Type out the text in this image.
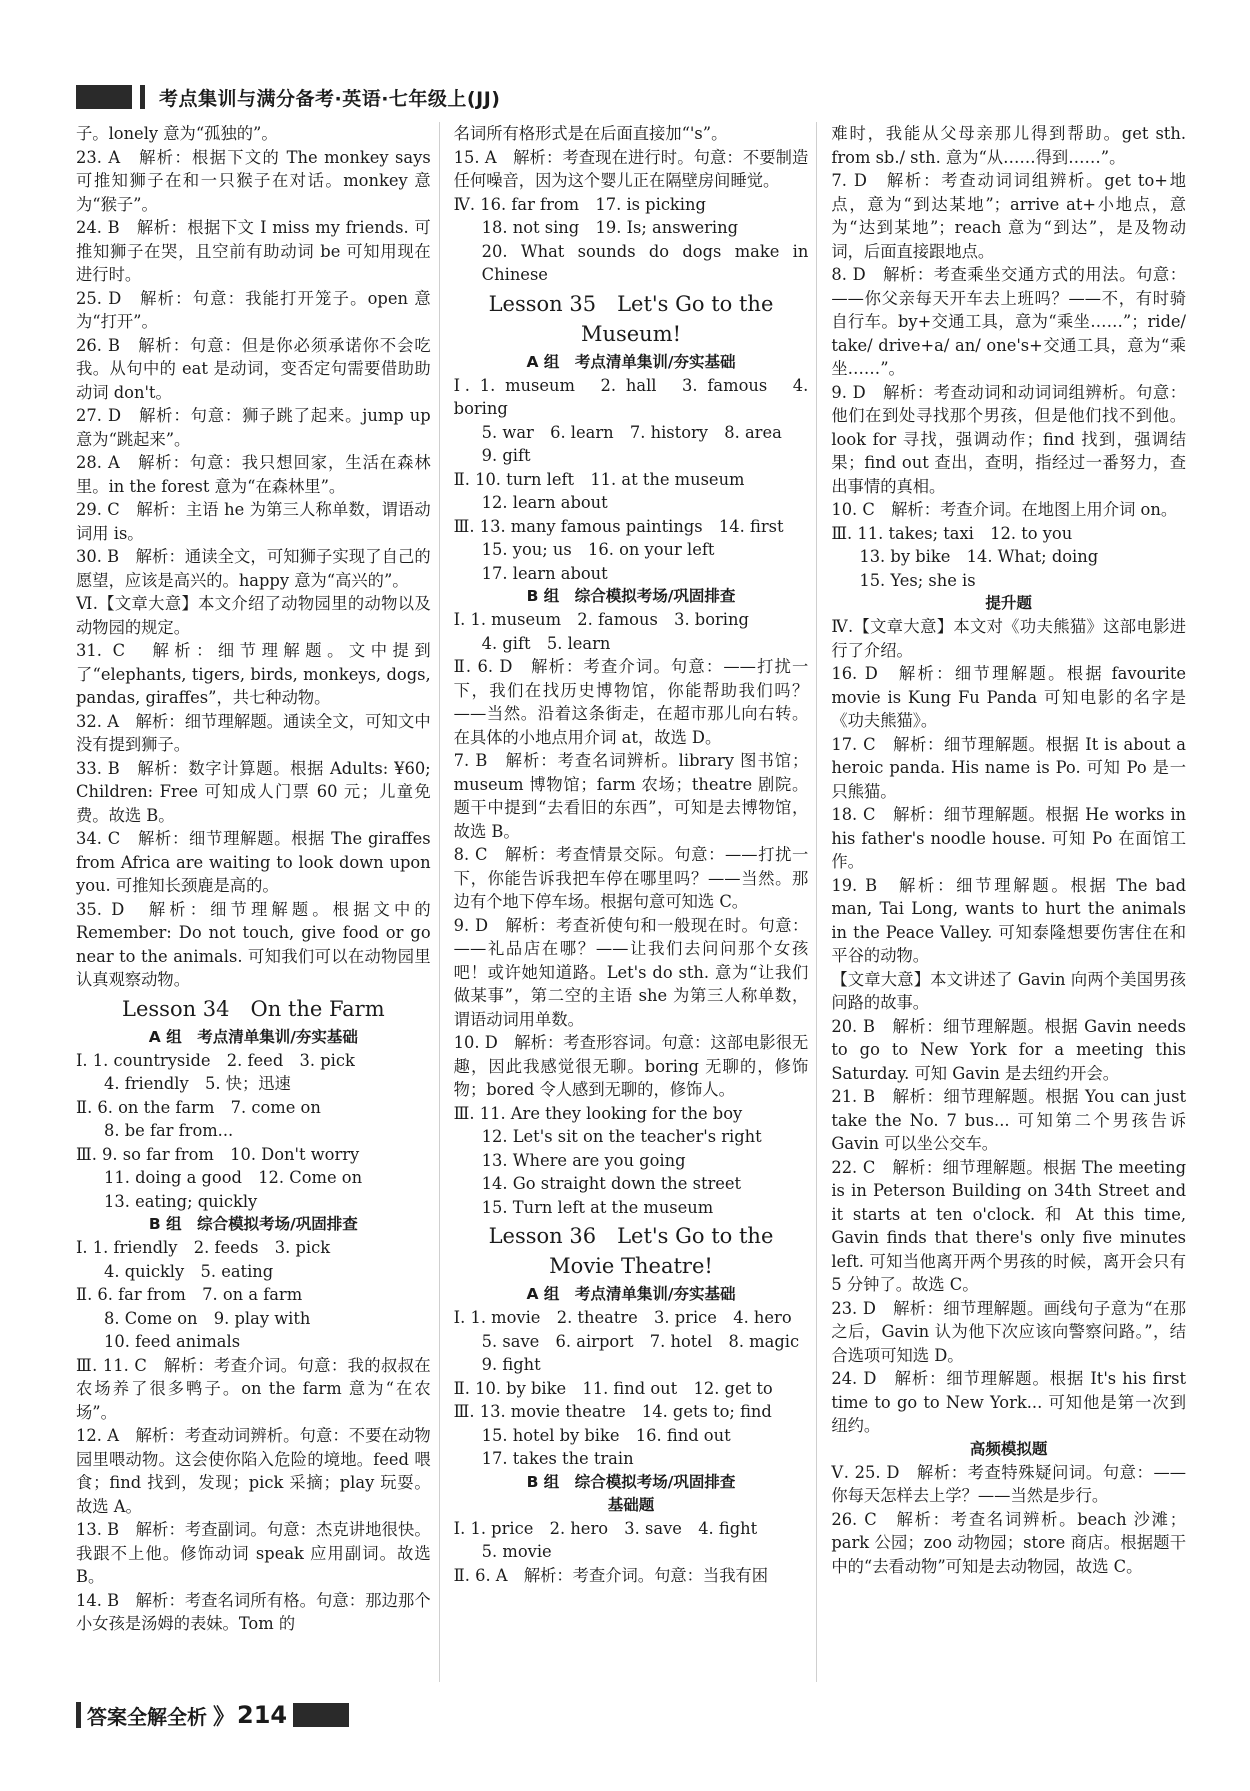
考点集训与满分备考·英语·七年级上(JJ)
子。lonely 意为“孤独的”。
23. A　解析：根据下文的 The monkey says 可推知狮子在和一只猴子在对话。monkey 意为“猴子”。
24. B　解析：根据下文 I miss my friends. 可推知狮子在哭，且空前有助动词 be 可知用现在进行时。
25. D　解析：句意：我能打开笼子。open 意为“打开”。
26. B　解析：句意：但是你必须承诺你不会吃我。从句中的 eat 是动词，变否定句需要借助助动词 don't。
27. D　解析：句意：狮子跳了起来。jump up 意为“跳起来”。
28. A　解析：句意：我只想回家，生活在森林里。in the forest 意为“在森林里”。
29. C　解析：主语 he 为第三人称单数，谓语动词用 is。
30. B　解析：通读全文，可知狮子实现了自己的愿望，应该是高兴的。happy 意为“高兴的”。
Ⅵ.【文章大意】本文介绍了动物园里的动物以及动物园的规定。
31. C　解析：细节理解题。文中提到了“elephants, tigers, birds, monkeys, dogs, pandas, giraffes”，共七种动物。
32. A　解析：细节理解题。通读全文，可知文中没有提到狮子。
33. B　解析：数字计算题。根据 Adults: ¥60; Children: Free 可知成人门票 60 元；儿童免费。故选 B。
34. C　解析：细节理解题。根据 The giraffes from Africa are waiting to look down upon you. 可推知长颈鹿是高的。
35. D　解析：细节理解题。根据文中的 Remember: Do not touch, give food or go near to the animals. 可知我们可以在动物园里认真观察动物。
Lesson 34　On the Farm
A 组　考点清单集训/夯实基础
Ⅰ. 1. countryside　2. feed　3. pick
4. friendly　5. 快；迅速
Ⅱ. 6. on the farm　7. come on
8. be far from...
Ⅲ. 9. so far from　10. Don't worry
11. doing a good　12. Come on
13. eating; quickly
B 组　综合模拟考场/巩固排查
Ⅰ. 1. friendly　2. feeds　3. pick
4. quickly　5. eating
Ⅱ. 6. far from　7. on a farm
8. Come on　9. play with
10. feed animals
Ⅲ. 11. C　解析：考查介词。句意：我的叔叔在农场养了很多鸭子。on the farm 意为“在农场”。
12. A　解析：考查动词辨析。句意：不要在动物园里喂动物。这会使你陷入危险的境地。feed 喂食；find 找到，发现；pick 采摘；play 玩耍。故选 A。
13. B　解析：考查副词。句意：杰克讲地很快。我跟不上他。修饰动词 speak 应用副词。故选 B。
14. B　解析：考查名词所有格。句意：那边那个小女孩是汤姆的表妹。Tom 的
名词所有格形式是在后面直接加“'s”。
15. A　解析：考查现在进行时。句意：不要制造任何噪音，因为这个婴儿正在隔壁房间睡觉。
Ⅳ. 16. far from　17. is picking
18. not sing　19. Is; answering
20. What sounds do dogs make in Chinese
Lesson 35　Let's Go to the Museum!
A 组　考点清单集训/夯实基础
Ⅰ. 1. museum　2. hall　3. famous　4. boring
5. war　6. learn　7. history　8. area
9. gift
Ⅱ. 10. turn left　11. at the museum
12. learn about
Ⅲ. 13. many famous paintings　14. first
15. you; us　16. on your left
17. learn about
B 组　综合模拟考场/巩固排查
Ⅰ. 1. museum　2. famous　3. boring
4. gift　5. learn
Ⅱ. 6. D　解析：考查介词。句意：——打扰一下，我们在找历史博物馆，你能帮助我们吗？——当然。沿着这条街走，在超市那儿向右转。在具体的小地点用介词 at，故选 D。
7. B　解析：考查名词辨析。library 图书馆；museum 博物馆；farm 农场；theatre 剧院。题干中提到“去看旧的东西”，可知是去博物馆，故选 B。
8. C　解析：考查情景交际。句意：——打扰一下，你能告诉我把车停在哪里吗？——当然。那边有个地下停车场。根据句意可知选 C。
9. D　解析：考查祈使句和一般现在时。句意：——礼品店在哪？——让我们去问问那个女孩吧！或许她知道路。Let's do sth. 意为“让我们做某事”，第二空的主语 she 为第三人称单数，谓语动词用单数。
10. D　解析：考查形容词。句意：这部电影很无趣，因此我感觉很无聊。boring 无聊的，修饰物；bored 令人感到无聊的，修饰人。
Ⅲ. 11. Are they looking for the boy
12. Let's sit on the teacher's right
13. Where are you going
14. Go straight down the street
15. Turn left at the museum
Lesson 36　Let's Go to the Movie Theatre!
A 组　考点清单集训/夯实基础
Ⅰ. 1. movie　2. theatre　3. price　4. hero
5. save　6. airport　7. hotel　8. magic
9. fight
Ⅱ. 10. by bike　11. find out　12. get to
Ⅲ. 13. movie theatre　14. gets to; find
15. hotel by bike　16. find out
17. takes the train
B 组　综合模拟考场/巩固排查
基础题
Ⅰ. 1. price　2. hero　3. save　4. fight
5. movie
Ⅱ. 6. A　解析：考查介词。句意：当我有困
难时，我能从父母亲那儿得到帮助。get sth. from sb./ sth. 意为“从……得到……”。
7. D　解析：考查动词词组辨析。get to+地点，意为“到达某地”；arrive at+小地点，意为“达到某地”；reach 意为“到达”，是及物动词，后面直接跟地点。
8. D　解析：考查乘坐交通方式的用法。句意：——你父亲每天开车去上班吗？——不，有时骑自行车。by+交通工具，意为“乘坐……”；ride/ take/ drive+a/ an/ one's+交通工具，意为“乘坐……”。
9. D　解析：考查动词和动词词组辨析。句意：他们在到处寻找那个男孩，但是他们找不到他。look for 寻找，强调动作；find 找到，强调结果；find out 查出，查明，指经过一番努力，查出事情的真相。
10. C　解析：考查介词。在地图上用介词 on。
Ⅲ. 11. takes; taxi　12. to you
13. by bike　14. What; doing
15. Yes; she is
提升题
Ⅳ.【文章大意】本文对《功夫熊猫》这部电影进行了介绍。
16. D　解析：细节理解题。根据 favourite movie is Kung Fu Panda 可知电影的名字是《功夫熊猫》。
17. C　解析：细节理解题。根据 It is about a heroic panda. His name is Po. 可知 Po 是一只熊猫。
18. C　解析：细节理解题。根据 He works in his father's noodle house. 可知 Po 在面馆工作。
19. B　解析：细节理解题。根据 The bad man, Tai Long, wants to hurt the animals in the Peace Valley. 可知泰隆想要伤害住在和平谷的动物。
【文章大意】本文讲述了 Gavin 向两个美国男孩问路的故事。
20. B　解析：细节理解题。根据 Gavin needs to go to New York for a meeting this Saturday. 可知 Gavin 是去纽约开会。
21. B　解析：细节理解题。根据 You can just take the No. 7 bus... 可知第二个男孩告诉 Gavin 可以坐公交车。
22. C　解析：细节理解题。根据 The meeting is in Peterson Building on 34th Street and it starts at ten o'clock. 和 At this time, Gavin finds that there's only five minutes left. 可知当他离开两个男孩的时候，离开会只有 5 分钟了。故选 C。
23. D　解析：细节理解题。画线句子意为“在那之后，Gavin 认为他下次应该向警察问路。”，结合选项可知选 D。
24. D　解析：细节理解题。根据 It's his first time to go to New York... 可知他是第一次到纽约。
高频模拟题
Ⅴ. 25. D　解析：考查特殊疑问词。句意：——你每天怎样去上学？——当然是步行。
26. C　解析：考查名词辨析。beach 沙滩；park 公园；zoo 动物园；store 商店。根据题干中的“去看动物”可知是去动物园，故选 C。
答案全解全析 》 214
